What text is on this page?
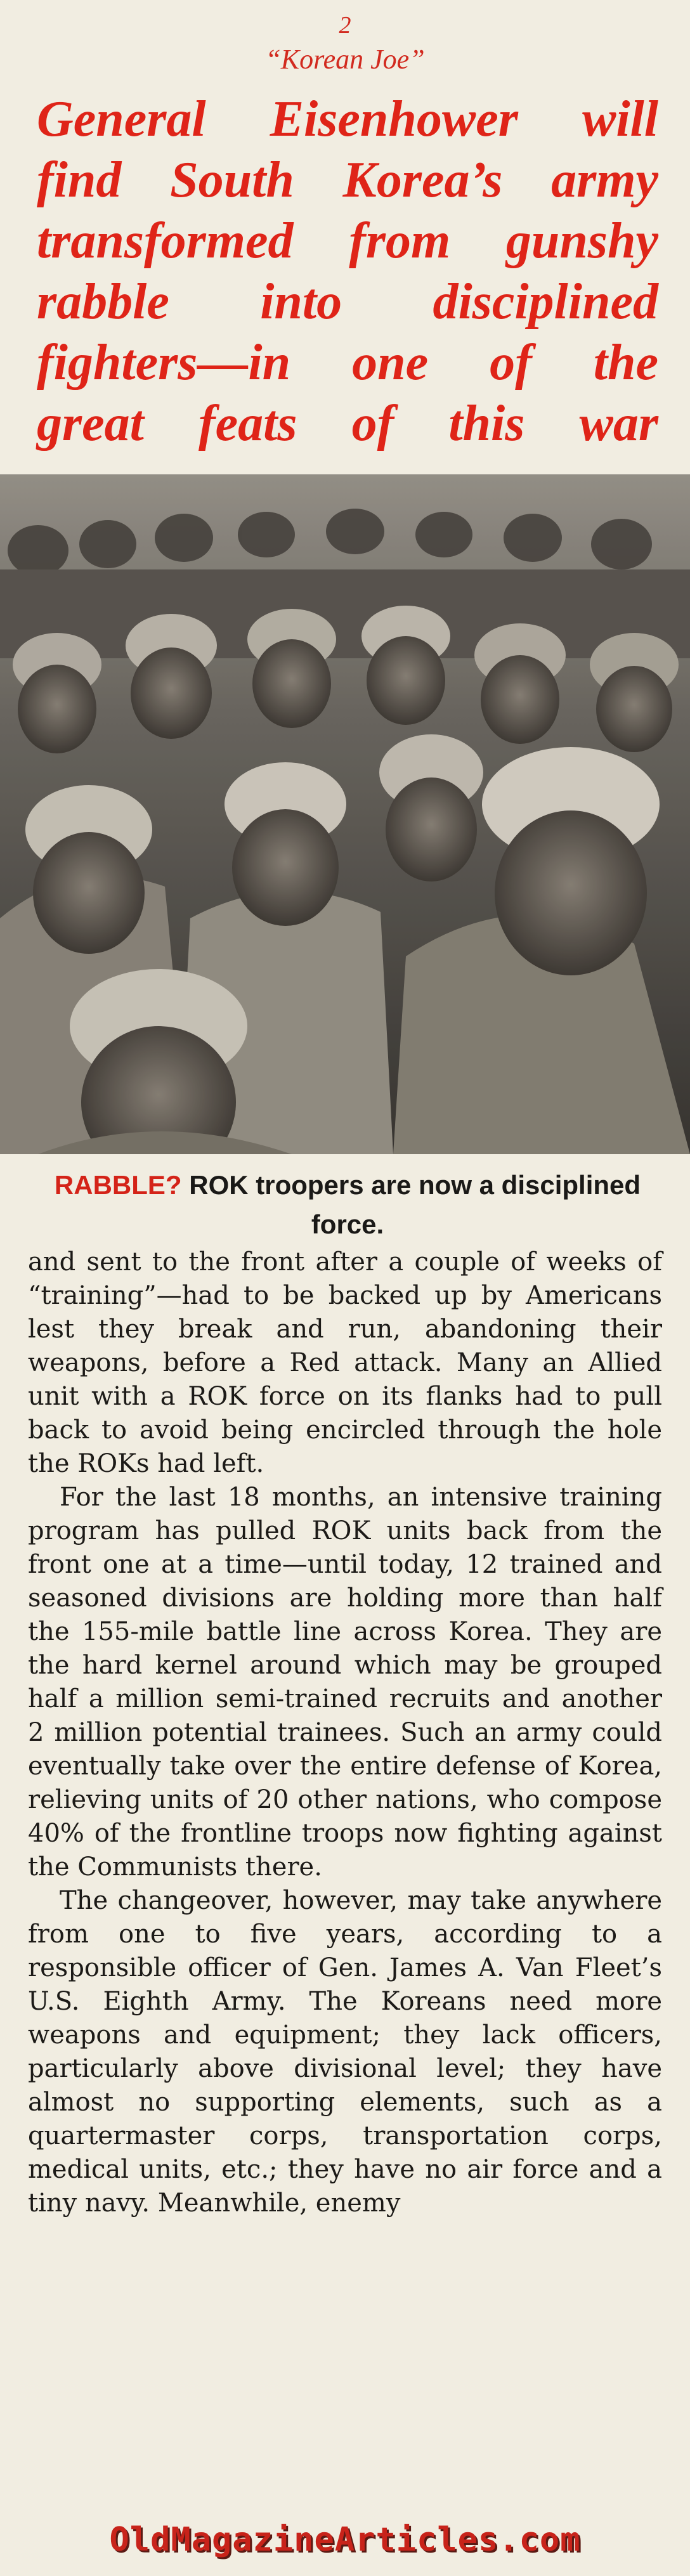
2
“Korean Joe”
General Eisenhower will
find South Korea’s army
transformed from gunshy
rabble into disciplined
fighters—in one of the
great feats of this war
RABBLE? ROK troopers are now a disciplined force.

and sent to the front after a couple of weeks of “training”—had to be backed up by Americans lest they break and run, abandoning their weapons, before a Red attack. Many an Allied unit with a ROK force on its flanks had to pull back to avoid being encircled through the hole the ROKs had left.

For the last 18 months, an intensive training program has pulled ROK units back from the front one at a time—until today, 12 trained and seasoned divisions are holding more than half the 155-mile battle line across Korea. They are the hard kernel around which may be grouped half a million semi-trained recruits and another 2 million potential trainees. Such an army could eventually take over the entire defense of Korea, relieving units of 20 other nations, who compose 40% of the frontline troops now fighting against the Communists there.

The changeover, however, may take anywhere from one to five years, according to a responsible officer of Gen. James A. Van Fleet’s U.S. Eighth Army. The Koreans need more weapons and equipment; they lack officers, particularly above divisional level; they have almost no supporting elements, such as a quartermaster corps, transportation corps, medical units, etc.; they have no air force and a tiny navy. Meanwhile, enemy

OldMagazineArticles.com
